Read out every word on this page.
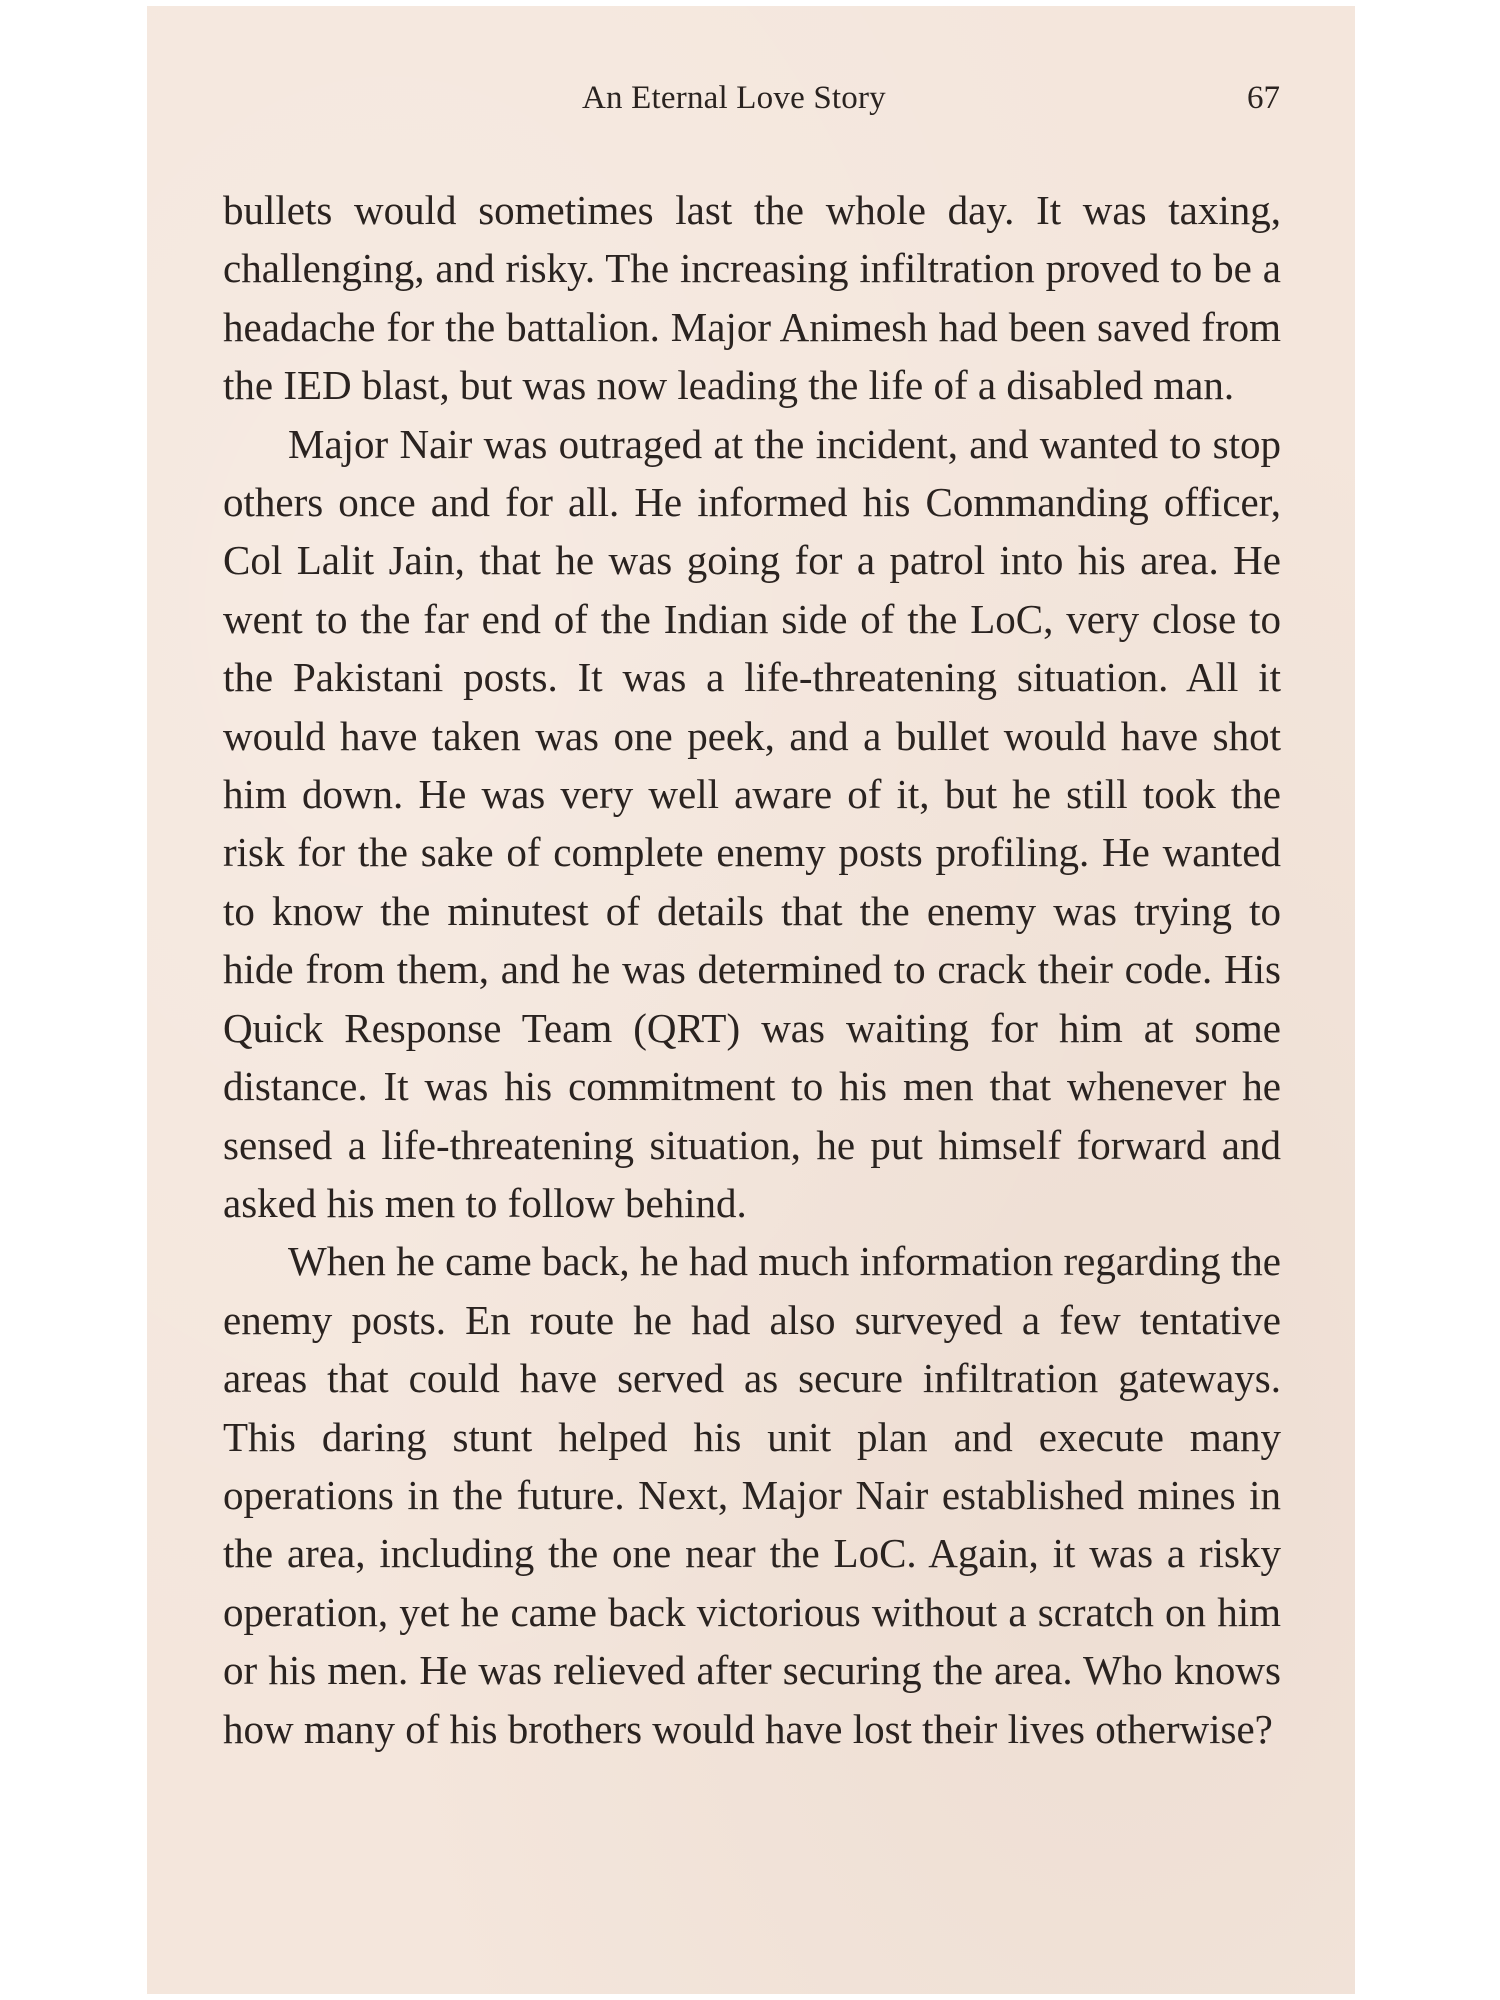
An Eternal Love Story	67

bullets would sometimes last the whole day. It was taxing, challenging, and risky. The increasing infiltration proved to be a headache for the battalion. Major Animesh had been saved from the IED blast, but was now leading the life of a disabled man.

Major Nair was outraged at the incident, and wanted to stop others once and for all. He informed his Commanding officer, Col Lalit Jain, that he was going for a patrol into his area. He went to the far end of the Indian side of the LoC, very close to the Pakistani posts. It was a life-threatening situation. All it would have taken was one peek, and a bullet would have shot him down. He was very well aware of it, but he still took the risk for the sake of complete enemy posts profiling. He wanted to know the minutest of details that the enemy was trying to hide from them, and he was determined to crack their code. His Quick Response Team (QRT) was waiting for him at some distance. It was his commitment to his men that whenever he sensed a life-threatening situation, he put himself forward and asked his men to follow behind.

When he came back, he had much information regarding the enemy posts. En route he had also surveyed a few tentative areas that could have served as secure infiltration gateways. This daring stunt helped his unit plan and execute many operations in the future. Next, Major Nair established mines in the area, including the one near the LoC. Again, it was a risky operation, yet he came back victorious without a scratch on him or his men. He was relieved after securing the area. Who knows how many of his brothers would have lost their lives otherwise?
